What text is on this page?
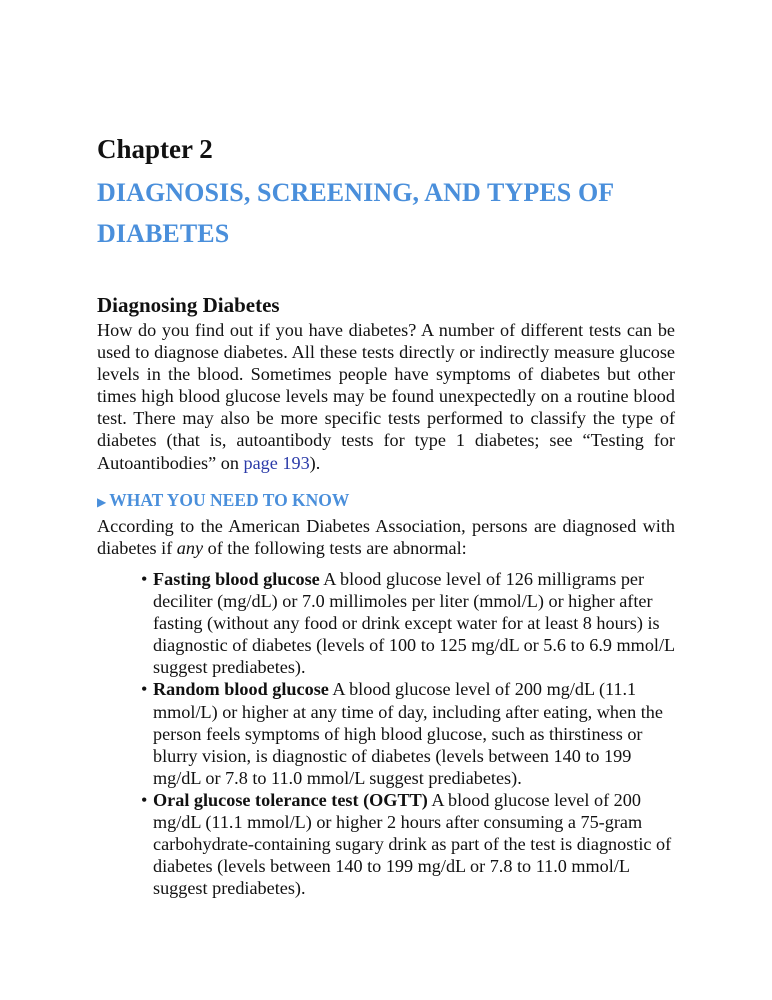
Chapter 2
DIAGNOSIS, SCREENING, AND TYPES OF DIABETES
Diagnosing Diabetes

How do you find out if you have diabetes? A number of different tests can be used to diagnose diabetes. All these tests directly or indirectly measure glucose levels in the blood. Sometimes people have symptoms of diabetes but other times high blood glucose levels may be found unexpectedly on a routine blood test. There may also be more specific tests performed to classify the type of diabetes (that is, autoantibody tests for type 1 diabetes; see “Testing for Autoantibodies” on page 193).

▶ WHAT YOU NEED TO KNOW

According to the American Diabetes Association, persons are diagnosed with diabetes if any of the following tests are abnormal:

• Fasting blood glucose A blood glucose level of 126 milligrams per deciliter (mg/dL) or 7.0 millimoles per liter (mmol/L) or higher after fasting (without any food or drink except water for at least 8 hours) is diagnostic of diabetes (levels of 100 to 125 mg/dL or 5.6 to 6.9 mmol/L suggest prediabetes).
• Random blood glucose A blood glucose level of 200 mg/dL (11.1 mmol/L) or higher at any time of day, including after eating, when the person feels symptoms of high blood glucose, such as thirstiness or blurry vision, is diagnostic of diabetes (levels between 140 to 199 mg/dL or 7.8 to 11.0 mmol/L suggest prediabetes).
• Oral glucose tolerance test (OGTT) A blood glucose level of 200 mg/dL (11.1 mmol/L) or higher 2 hours after consuming a 75-gram carbohydrate-containing sugary drink as part of the test is diagnostic of diabetes (levels between 140 to 199 mg/dL or 7.8 to 11.0 mmol/L suggest prediabetes).
